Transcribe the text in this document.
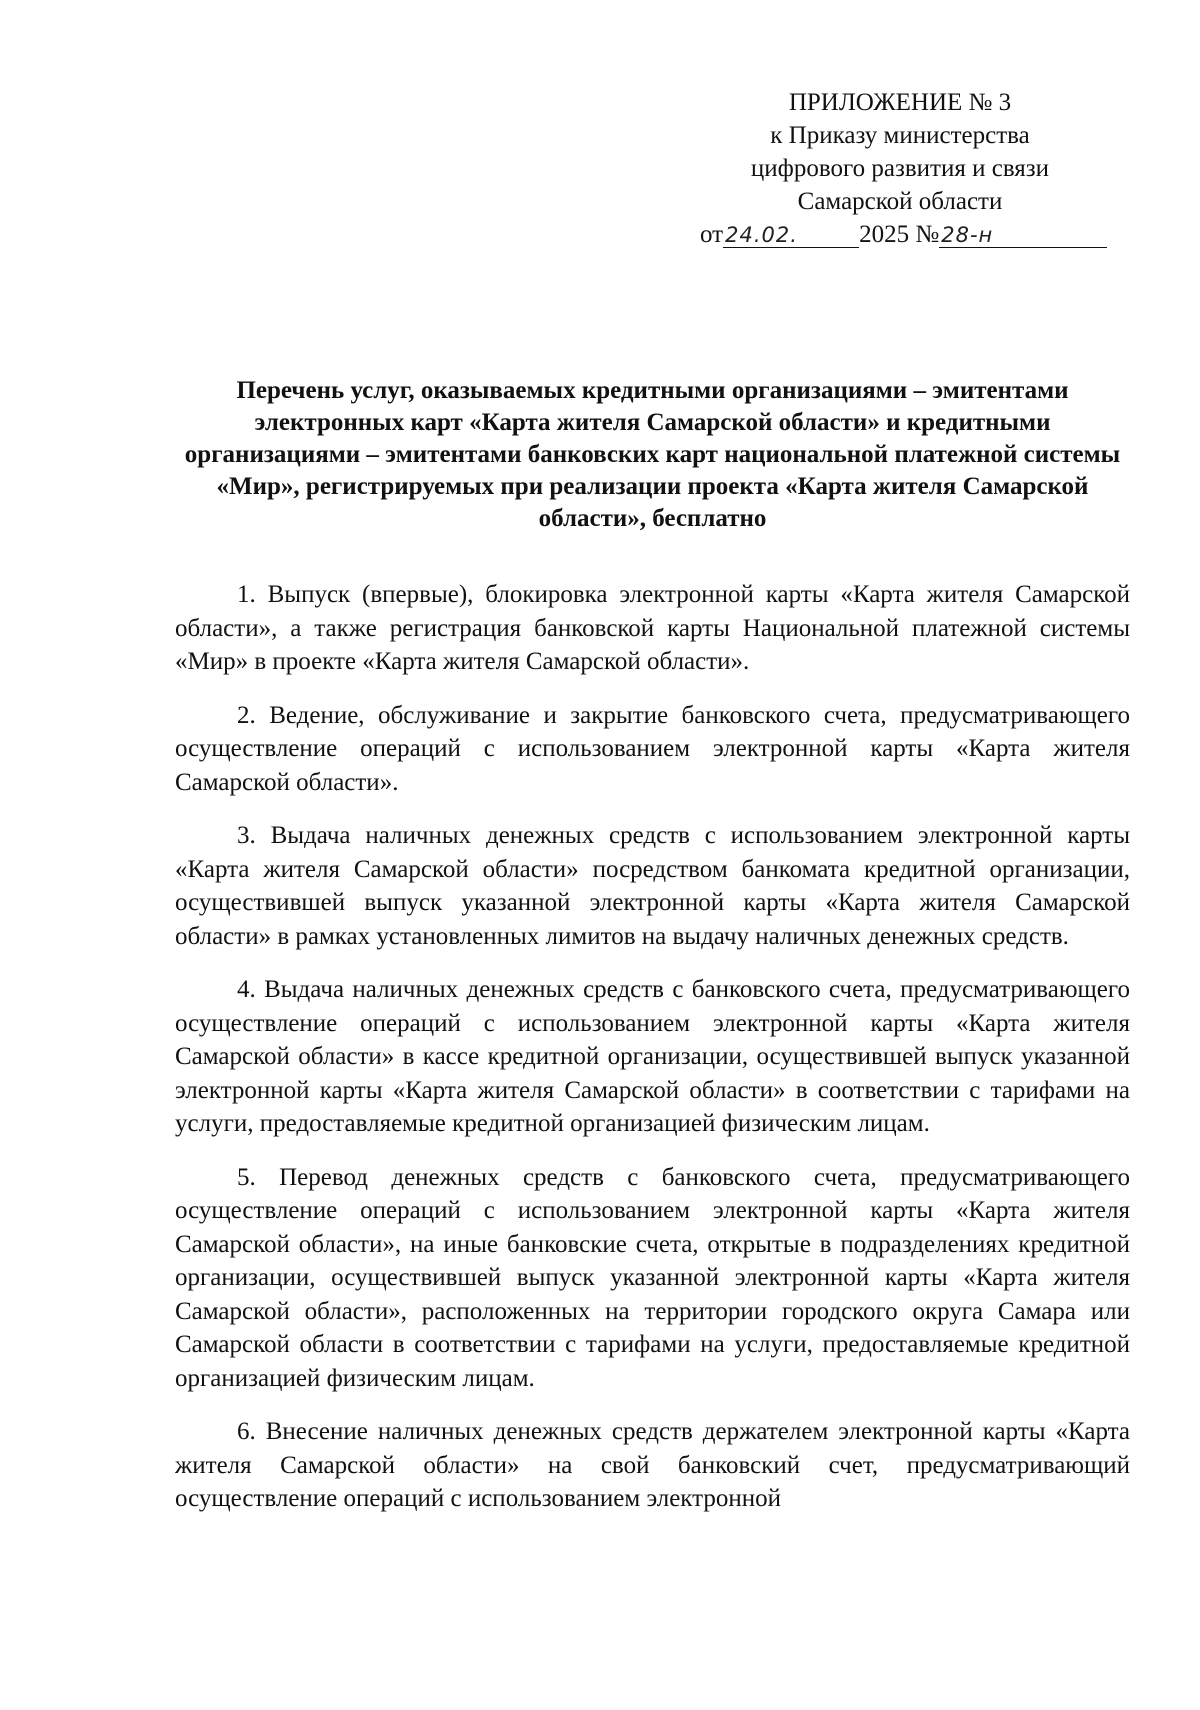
ПРИЛОЖЕНИЕ № 3
к Приказу министерства
цифрового развития и связи
Самарской области
от24.02. 2025 №28-н
Перечень услуг, оказываемых кредитными организациями – эмитентами электронных карт «Карта жителя Самарской области» и кредитными организациями – эмитентами банковских карт национальной платежной системы «Мир», регистрируемых при реализации проекта «Карта жителя Самарской области», бесплатно

1. Выпуск (впервые), блокировка электронной карты «Карта жителя Самарской области», а также регистрация банковской карты Национальной платежной системы «Мир» в проекте «Карта жителя Самарской области».

2. Ведение, обслуживание и закрытие банковского счета, предусматривающего осуществление операций с использованием электронной карты «Карта жителя Самарской области».

3. Выдача наличных денежных средств с использованием электронной карты «Карта жителя Самарской области» посредством банкомата кредитной организации, осуществившей выпуск указанной электронной карты «Карта жителя Самарской области» в рамках установленных лимитов на выдачу наличных денежных средств.

4. Выдача наличных денежных средств с банковского счета, предусматривающего осуществление операций с использованием электронной карты «Карта жителя Самарской области» в кассе кредитной организации, осуществившей выпуск указанной электронной карты «Карта жителя Самарской области» в соответствии с тарифами на услуги, предоставляемые кредитной организацией физическим лицам.

5. Перевод денежных средств с банковского счета, предусматривающего осуществление операций с использованием электронной карты «Карта жителя Самарской области», на иные банковские счета, открытые в подразделениях кредитной организации, осуществившей выпуск указанной электронной карты «Карта жителя Самарской области», расположенных на территории городского округа Самара или Самарской области в соответствии с тарифами на услуги, предоставляемые кредитной организацией физическим лицам.

6. Внесение наличных денежных средств держателем электронной карты «Карта жителя Самарской области» на свой банковский счет, предусматривающий осуществление операций с использованием электронной
